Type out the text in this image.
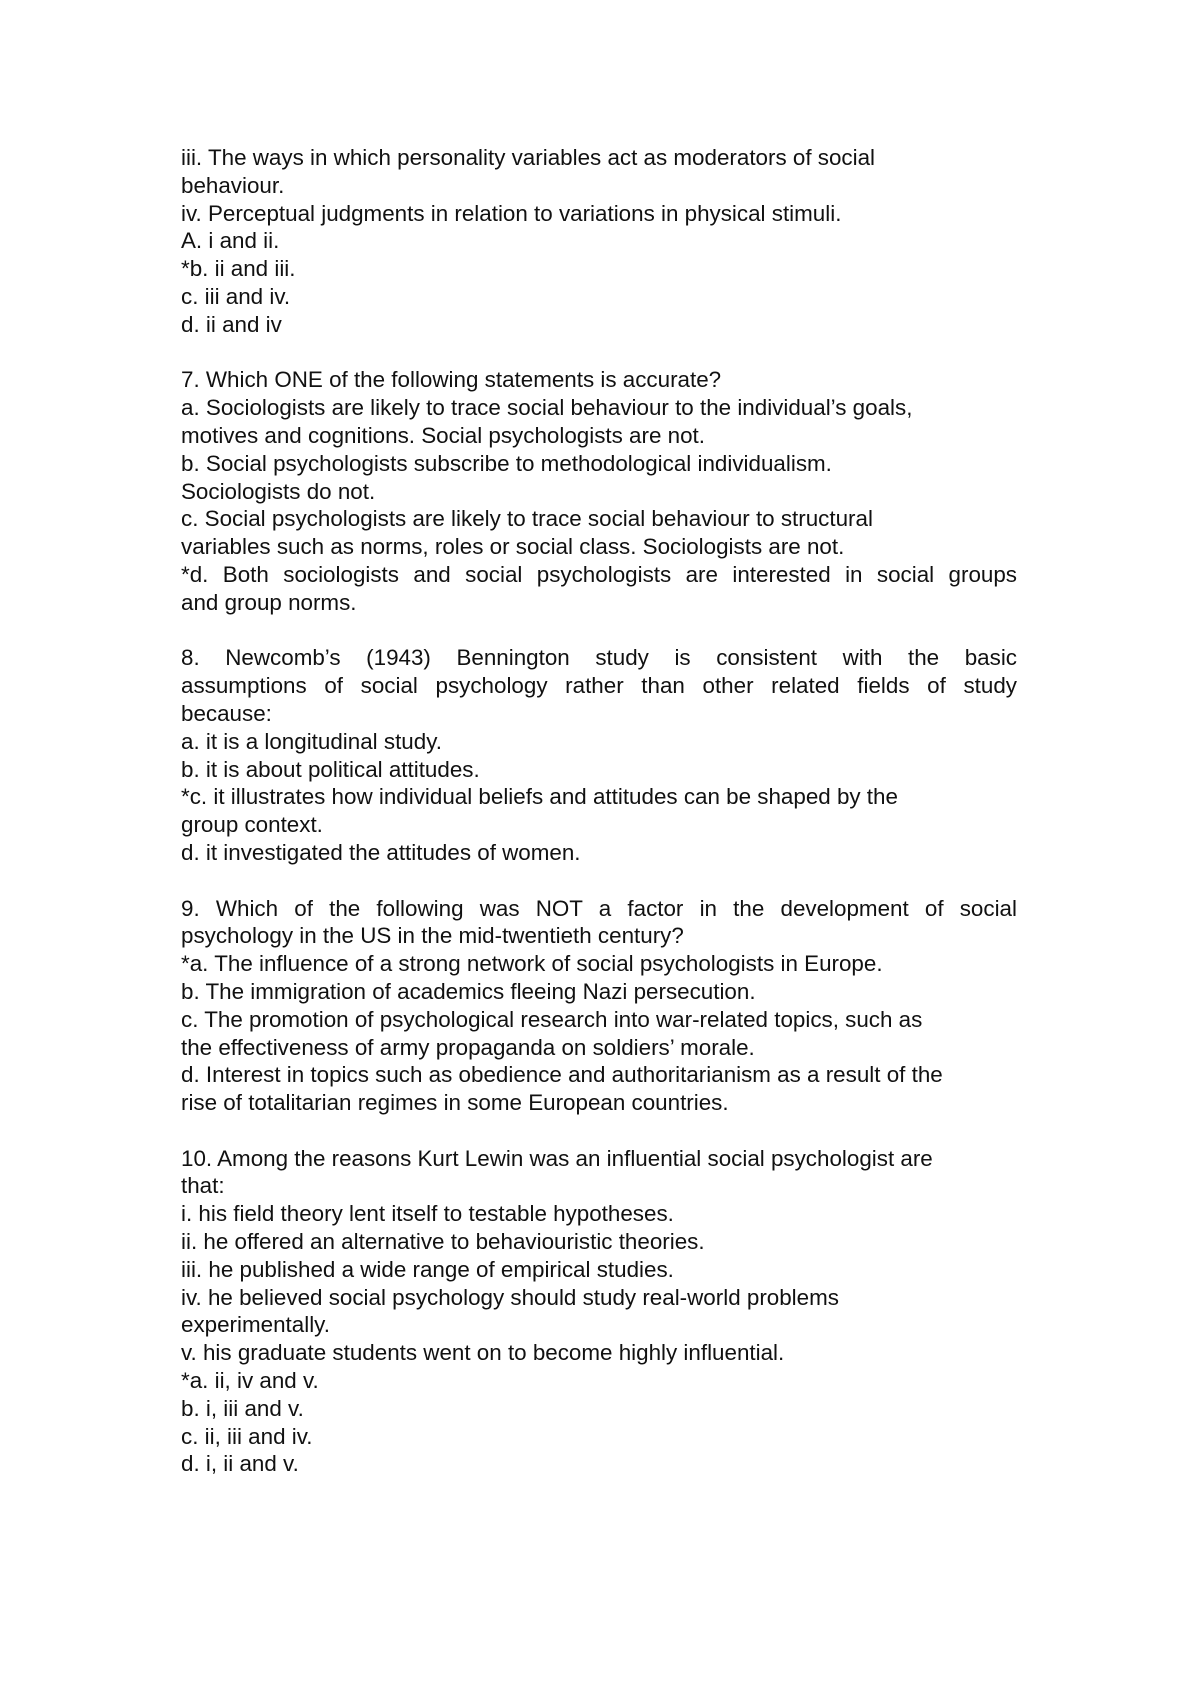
iii. The ways in which personality variables act as moderators of social

behaviour.

iv. Perceptual judgments in relation to variations in physical stimuli.

A. i and ii.

*b. ii and iii.

c. iii and iv.

d. ii and iv

7. Which ONE of the following statements is accurate?

a. Sociologists are likely to trace social behaviour to the individual’s goals,

motives and cognitions. Social psychologists are not.

b. Social psychologists subscribe to methodological individualism.

Sociologists do not.

c. Social psychologists are likely to trace social behaviour to structural

variables such as norms, roles or social class. Sociologists are not.

*d. Both sociologists and social psychologists are interested in social groups

and group norms.

8. Newcomb’s (1943) Bennington study is consistent with the basic

assumptions of social psychology rather than other related fields of study

because:

a. it is a longitudinal study.

b. it is about political attitudes.

*c. it illustrates how individual beliefs and attitudes can be shaped by the

group context.

d. it investigated the attitudes of women.

9. Which of the following was NOT a factor in the development of social

psychology in the US in the mid-twentieth century?

*a. The influence of a strong network of social psychologists in Europe.

b. The immigration of academics fleeing Nazi persecution.

c. The promotion of psychological research into war-related topics, such as

the effectiveness of army propaganda on soldiers’ morale.

d. Interest in topics such as obedience and authoritarianism as a result of the

rise of totalitarian regimes in some European countries.

10. Among the reasons Kurt Lewin was an influential social psychologist are

that:

i. his field theory lent itself to testable hypotheses.

ii. he offered an alternative to behaviouristic theories.

iii. he published a wide range of empirical studies.

iv. he believed social psychology should study real-world problems

experimentally.

v. his graduate students went on to become highly influential.

*a. ii, iv and v.

b. i, iii and v.

c. ii, iii and iv.

d. i, ii and v.
